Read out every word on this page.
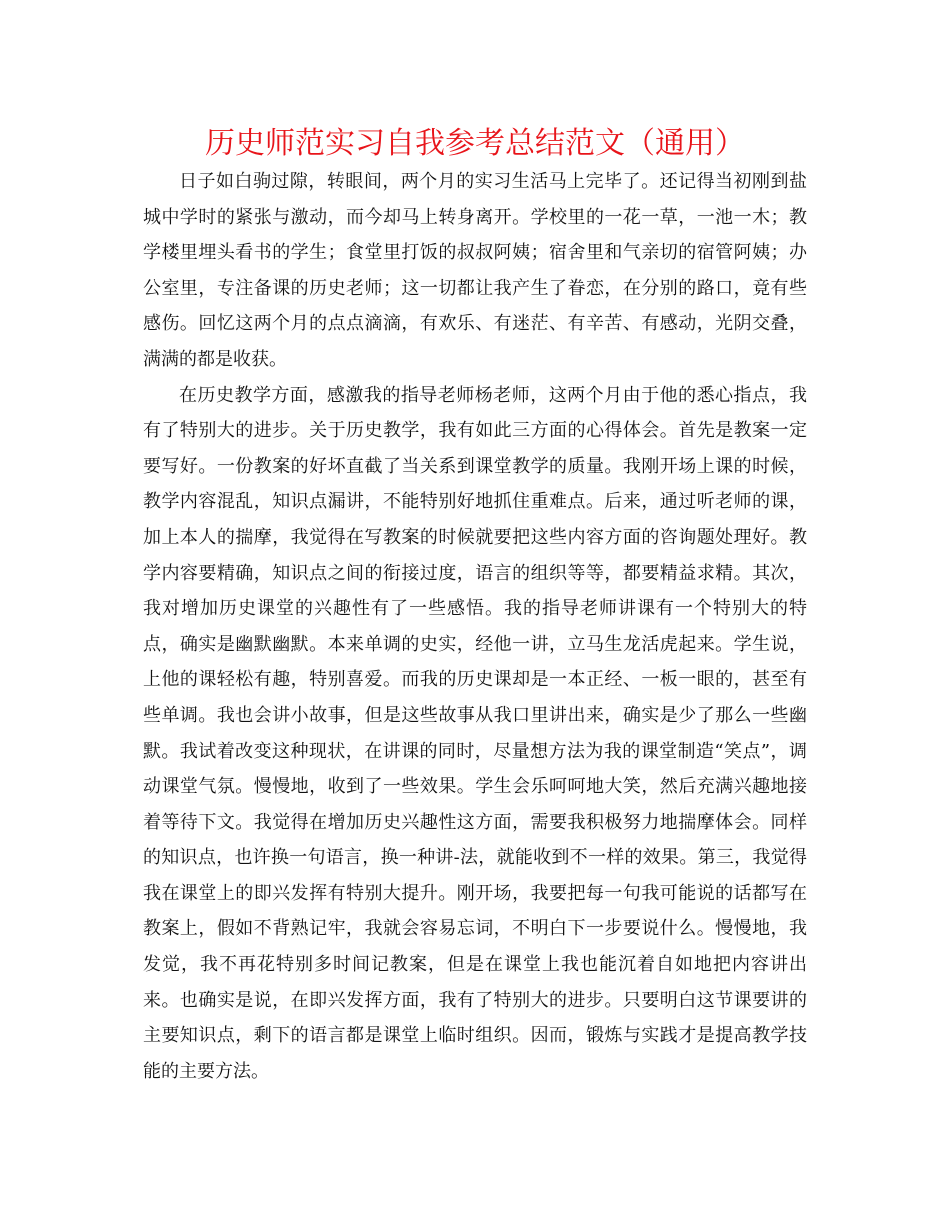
历史师范实习自我参考总结范文（通用）

日子如白驹过隙，转眼间，两个月的实习生活马上完毕了。还记得当初刚到盐城中学时的紧张与激动，而今却马上转身离开。学校里的一花一草，一池一木；教学楼里埋头看书的学生；食堂里打饭的叔叔阿姨；宿舍里和气亲切的宿管阿姨；办公室里，专注备课的历史老师；这一切都让我产生了眷恋，在分别的路口，竟有些感伤。回忆这两个月的点点滴滴，有欢乐、有迷茫、有辛苦、有感动，光阴交叠，满满的都是收获。

在历史教学方面，感激我的指导老师杨老师，这两个月由于他的悉心指点，我有了特别大的进步。关于历史教学，我有如此三方面的心得体会。首先是教案一定要写好。一份教案的好坏直截了当关系到课堂教学的质量。我刚开场上课的时候，教学内容混乱，知识点漏讲，不能特别好地抓住重难点。后来，通过听老师的课，加上本人的揣摩，我觉得在写教案的时候就要把这些内容方面的咨询题处理好。教学内容要精确，知识点之间的衔接过度，语言的组织等等，都要精益求精。其次，我对增加历史课堂的兴趣性有了一些感悟。我的指导老师讲课有一个特别大的特点，确实是幽默幽默。本来单调的史实，经他一讲，立马生龙活虎起来。学生说，上他的课轻松有趣，特别喜爱。而我的历史课却是一本正经、一板一眼的，甚至有些单调。我也会讲小故事，但是这些故事从我口里讲出来，确实是少了那么一些幽默。我试着改变这种现状，在讲课的同时，尽量想方法为我的课堂制造“笑点”，调动课堂气氛。慢慢地，收到了一些效果。学生会乐呵呵地大笑，然后充满兴趣地接着等待下文。我觉得在增加历史兴趣性这方面，需要我积极努力地揣摩体会。同样的知识点，也许换一句语言，换一种讲-法，就能收到不一样的效果。第三，我觉得我在课堂上的即兴发挥有特别大提升。刚开场，我要把每一句我可能说的话都写在教案上，假如不背熟记牢，我就会容易忘词，不明白下一步要说什么。慢慢地，我发觉，我不再花特别多时间记教案，但是在课堂上我也能沉着自如地把内容讲出来。也确实是说，在即兴发挥方面，我有了特别大的进步。只要明白这节课要讲的主要知识点，剩下的语言都是课堂上临时组织。因而，锻炼与实践才是提高教学技能的主要方法。
